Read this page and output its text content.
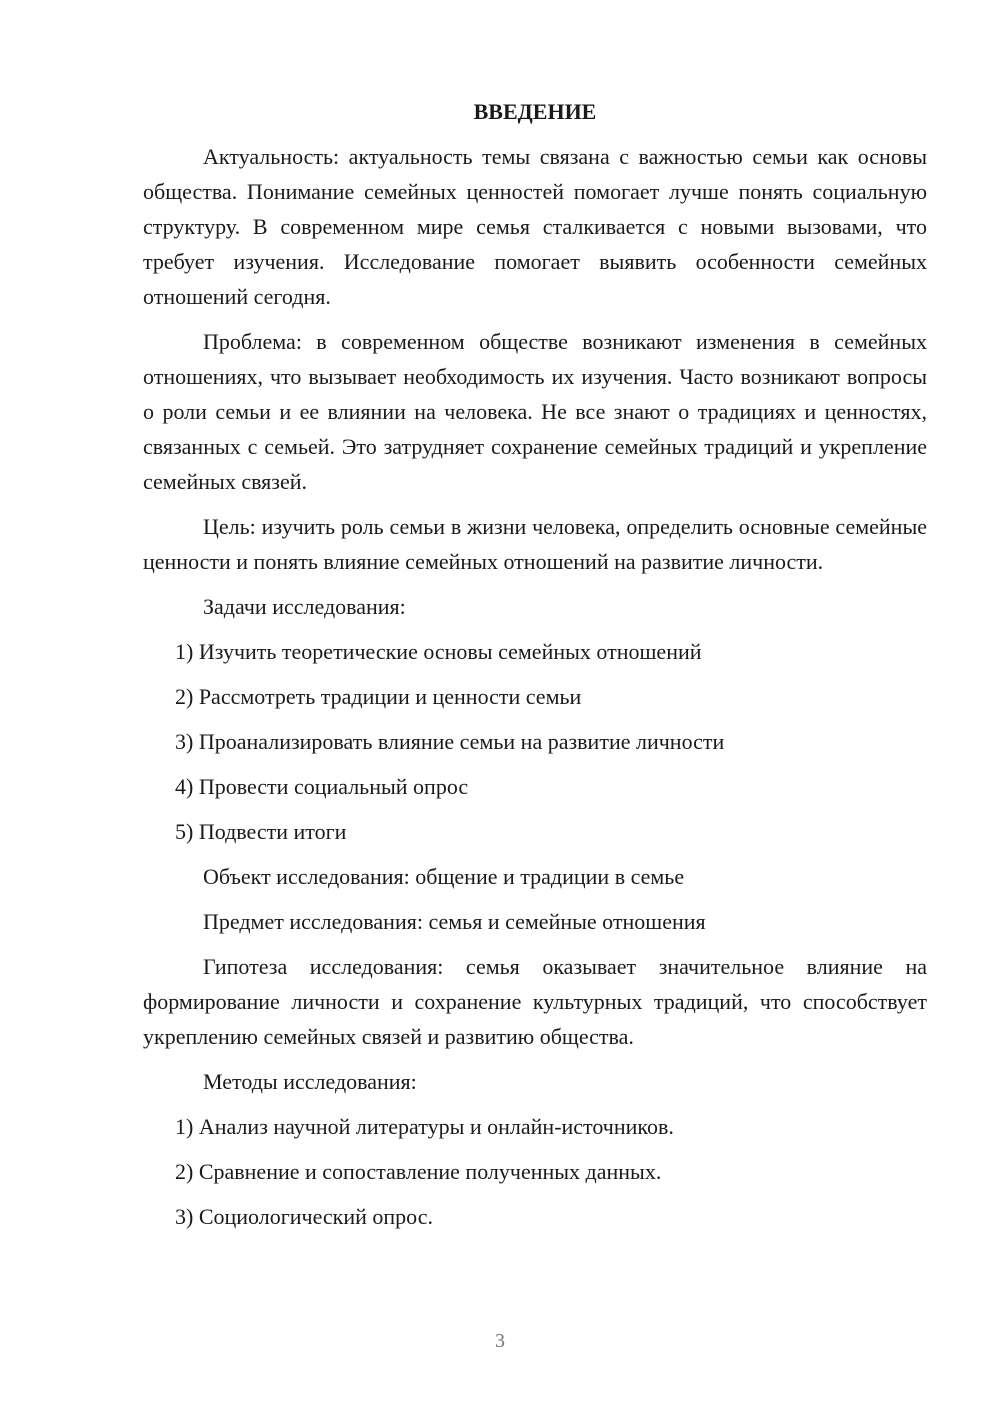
ВВЕДЕНИЕ

Актуальность: актуальность темы связана с важностью семьи как основы общества. Понимание семейных ценностей помогает лучше понять социальную структуру. В современном мире семья сталкивается с новыми вызовами, что требует изучения. Исследование помогает выявить особенности семейных отношений сегодня.

Проблема: в современном обществе возникают изменения в семейных отношениях, что вызывает необходимость их изучения. Часто возникают вопросы о роли семьи и ее влиянии на человека. Не все знают о традициях и ценностях, связанных с семьей. Это затрудняет сохранение семейных традиций и укрепление семейных связей.

Цель: изучить роль семьи в жизни человека, определить основные семейные ценности и понять влияние семейных отношений на развитие личности.

Задачи исследования:
1) Изучить теоретические основы семейных отношений
2) Рассмотреть традиции и ценности семьи
3) Проанализировать влияние семьи на развитие личности
4) Провести социальный опрос
5) Подвести итоги
Объект исследования: общение и традиции в семье
Предмет исследования: семья и семейные отношения

Гипотеза исследования: семья оказывает значительное влияние на формирование личности и сохранение культурных традиций, что способствует укреплению семейных связей и развитию общества.

Методы исследования:
1) Анализ научной литературы и онлайн-источников.
2) Сравнение и сопоставление полученных данных.
3) Социологический опрос.
3
